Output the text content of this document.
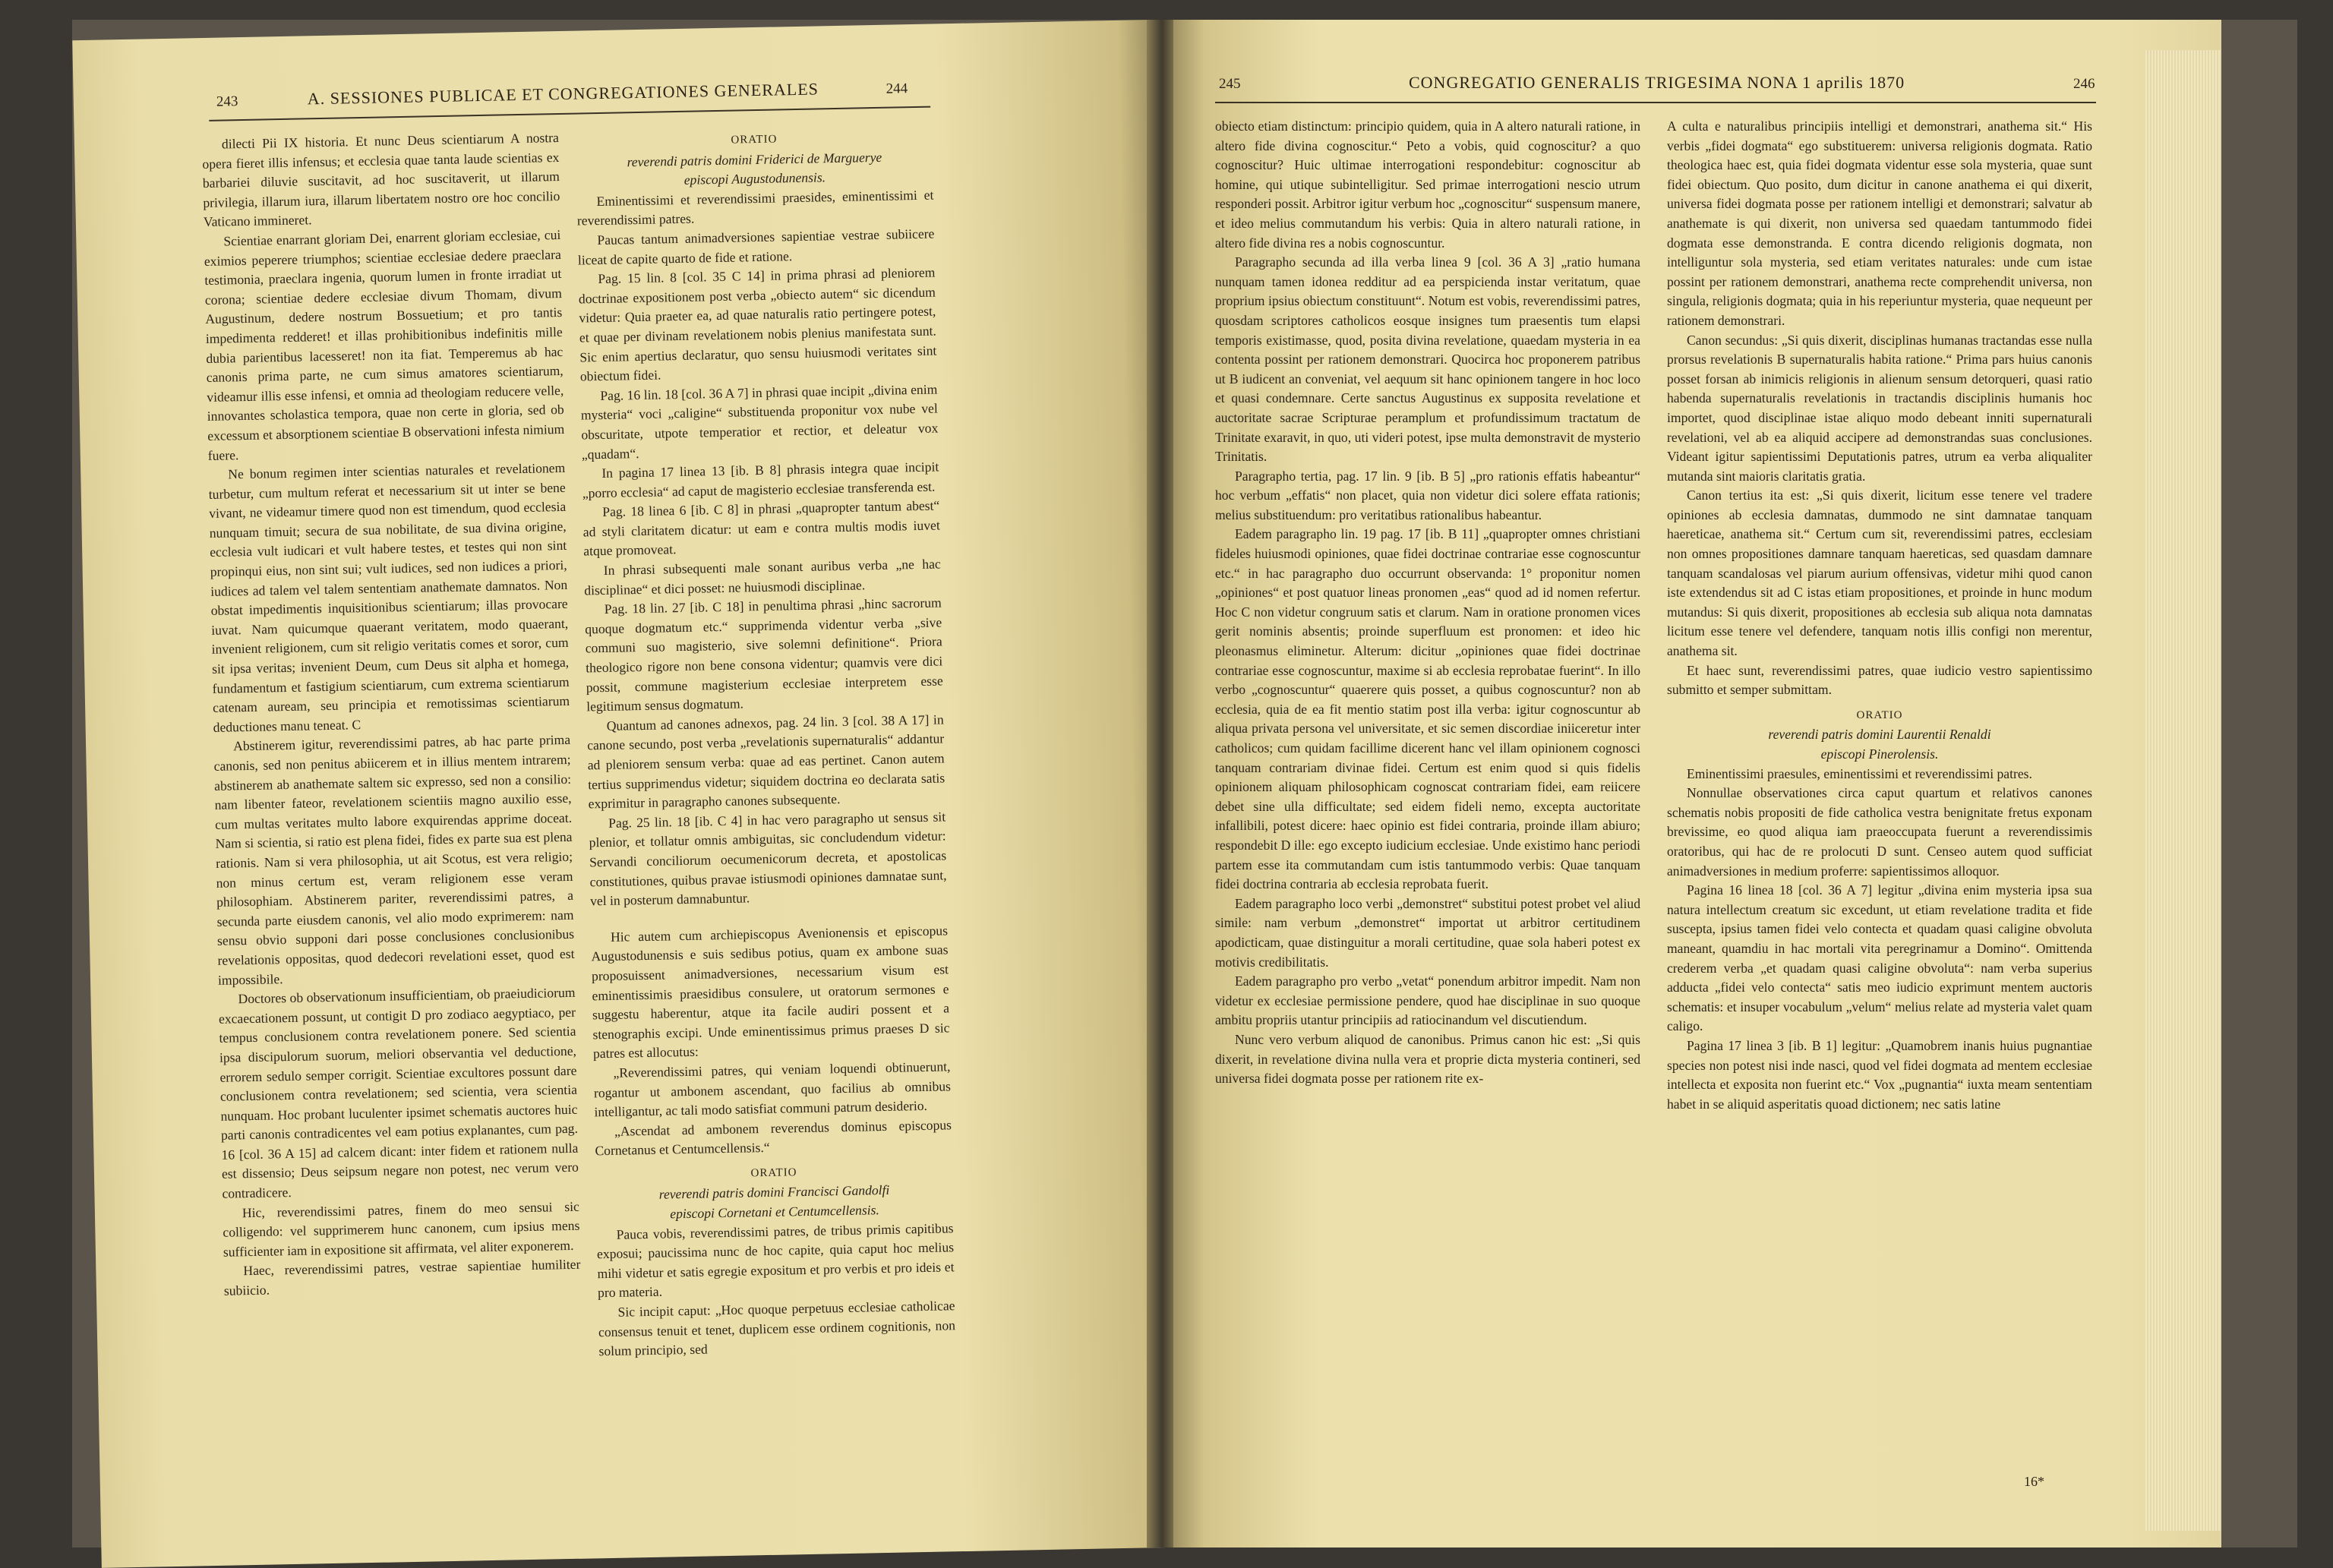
243	A. SESSIONES PUBLICAE ET CONGREGATIONES GENERALES	244

dilecti Pii IX historia. Et nunc Deus scientiarum A nostra opera fieret illis infensus; et ecclesia quae tanta laude scientias ex barbariei diluvie suscitavit, ad hoc suscitaverit, ut illarum privilegia, illarum iura, illarum libertatem nostro ore hoc concilio Vaticano immineret.

Scientiae enarrant gloriam Dei, enarrent gloriam ecclesiae, cui eximios peperere triumphos; scientiae ecclesiae dedere praeclara testimonia, praeclara ingenia, quorum lumen in fronte irradiat ut corona; scientiae dedere ecclesiae divum Thomam, divum Augustinum, dedere nostrum Bossuetium; et pro tantis impedimenta redderet! et illas prohibitionibus indefinitis mille dubia parientibus lacesseret! non ita fiat. Temperemus ab hac canonis prima parte, ne cum simus amatores scientiarum, videamur illis esse infensi, et omnia ad theologiam reducere velle, innovantes scholastica tempora, quae non certe in gloria, sed ob excessum et absorptionem scientiae B observationi infesta nimium fuere.

Ne bonum regimen inter scientias naturales et revelationem turbetur, cum multum referat et necessarium sit ut inter se bene vivant, ne videamur timere quod non est timendum, quod ecclesia nunquam timuit; secura de sua nobilitate, de sua divina origine, ecclesia vult iudicari et vult habere testes, et testes qui non sint propinqui eius, non sint sui; vult iudices, sed non iudices a priori, iudices ad talem vel talem sententiam anathemate damnatos. Non obstat impedimentis inquisitionibus scientiarum; illas provocare iuvat. Nam quicumque quaerant veritatem, modo quaerant, invenient religionem, cum sit religio veritatis comes et soror, cum sit ipsa veritas; invenient Deum, cum Deus sit alpha et homega, fundamentum et fastigium scientiarum, cum extrema scientiarum catenam auream, seu principia et remotissimas scientiarum deductiones manu teneat. C

Abstinerem igitur, reverendissimi patres, ab hac parte prima canonis, sed non penitus abiicerem et in illius mentem intrarem; abstinerem ab anathemate saltem sic expresso, sed non a consilio: nam libenter fateor, revelationem scientiis magno auxilio esse, cum multas veritates multo labore exquirendas apprime doceat. Nam si scientia, si ratio est plena fidei, fides ex parte sua est plena rationis. Nam si vera philosophia, ut ait Scotus, est vera religio; non minus certum est, veram religionem esse veram philosophiam. Abstinerem pariter, reverendissimi patres, a secunda parte eiusdem canonis, vel alio modo exprimerem: nam sensu obvio supponi dari posse conclusiones conclusionibus revelationis oppositas, quod dedecori revelationi esset, quod est impossibile.

Doctores ob observationum insufficientiam, ob praeiudiciorum excaecationem possunt, ut contigit D pro zodiaco aegyptiaco, per tempus conclusionem contra revelationem ponere. Sed scientia ipsa discipulorum suorum, meliori observantia vel deductione, errorem sedulo semper corrigit. Scientiae excultores possunt dare conclusionem contra revelationem; sed scientia, vera scientia nunquam. Hoc probant luculenter ipsimet schematis auctores huic parti canonis contradicentes vel eam potius explanantes, cum pag. 16 [col. 36 A 15] ad calcem dicant: inter fidem et rationem nulla est dissensio; Deus seipsum negare non potest, nec verum vero contradicere.

Hic, reverendissimi patres, finem do meo sensui sic colligendo: vel supprimerem hunc canonem, cum ipsius mens sufficienter iam in expositione sit affirmata, vel aliter exponerem.

Haec, reverendissimi patres, vestrae sapientiae humiliter subiicio.

ORATIO

reverendi patris domini Friderici de Marguerye

episcopi Augustodunensis.

Eminentissimi et reverendissimi praesides, eminentissimi et reverendissimi patres.

Paucas tantum animadversiones sapientiae vestrae subiicere liceat de capite quarto de fide et ratione.

Pag. 15 lin. 8 [col. 35 C 14] in prima phrasi ad pleniorem doctrinae expositionem post verba „obiecto autem“ sic dicendum videtur: Quia praeter ea, ad quae naturalis ratio pertingere potest, et quae per divinam revelationem nobis plenius manifestata sunt. Sic enim apertius declaratur, quo sensu huiusmodi veritates sint obiectum fidei.

Pag. 16 lin. 18 [col. 36 A 7] in phrasi quae incipit „divina enim mysteria“ voci „caligine“ substituenda proponitur vox nube vel obscuritate, utpote temperatior et rectior, et deleatur vox „quadam“.

In pagina 17 linea 13 [ib. B 8] phrasis integra quae incipit „porro ecclesia“ ad caput de magisterio ecclesiae transferenda est.

Pag. 18 linea 6 [ib. C 8] in phrasi „quapropter tantum abest“ ad styli claritatem dicatur: ut eam e contra multis modis iuvet atque promoveat.

In phrasi subsequenti male sonant auribus verba „ne hac disciplinae“ et dici posset: ne huiusmodi disciplinae.

Pag. 18 lin. 27 [ib. C 18] in penultima phrasi „hinc sacrorum quoque dogmatum etc.“ supprimenda videntur verba „sive communi suo magisterio, sive solemni definitione“. Priora theologico rigore non bene consona videntur; quamvis vere dici possit, commune magisterium ecclesiae interpretem esse legitimum sensus dogmatum.

Quantum ad canones adnexos, pag. 24 lin. 3 [col. 38 A 17] in canone secundo, post verba „revelationis supernaturalis“ addantur ad pleniorem sensum verba: quae ad eas pertinet. Canon autem tertius supprimendus videtur; siquidem doctrina eo declarata satis exprimitur in paragrapho canones subsequente.

Pag. 25 lin. 18 [ib. C 4] in hac vero paragrapho ut sensus sit plenior, et tollatur omnis ambiguitas, sic concludendum videtur: Servandi conciliorum oecumenicorum decreta, et apostolicas constitutiones, quibus pravae istiusmodi opiniones damnatae sunt, vel in posterum damnabuntur.

Hic autem cum archiepiscopus Avenionensis et episcopus Augustodunensis e suis sedibus potius, quam ex ambone suas proposuissent animadversiones, necessarium visum est eminentissimis praesidibus consulere, ut oratorum sermones e suggestu haberentur, atque ita facile audiri possent et a stenographis excipi. Unde eminentissimus primus praeses D sic patres est allocutus:

„Reverendissimi patres, qui veniam loquendi obtinuerunt, rogantur ut ambonem ascendant, quo facilius ab omnibus intelligantur, ac tali modo satisfiat communi patrum desiderio.

„Ascendat ad ambonem reverendus dominus episcopus Cornetanus et Centumcellensis.“

ORATIO

reverendi patris domini Francisci Gandolfi

episcopi Cornetani et Centumcellensis.

Pauca vobis, reverendissimi patres, de tribus primis capitibus exposui; paucissima nunc de hoc capite, quia caput hoc melius mihi videtur et satis egregie expositum et pro verbis et pro ideis et pro materia.

Sic incipit caput: „Hoc quoque perpetuus ecclesiae catholicae consensus tenuit et tenet, duplicem esse ordinem cognitionis, non solum principio, sed

245	CONGREGATIO GENERALIS TRIGESIMA NONA 1 aprilis 1870	246

obiecto etiam distinctum: principio quidem, quia in A altero naturali ratione, in altero fide divina cognoscitur.“ Peto a vobis, quid cognoscitur? a quo cognoscitur? Huic ultimae interrogationi respondebitur: cognoscitur ab homine, qui utique subintelligitur. Sed primae interrogationi nescio utrum responderi possit. Arbitror igitur verbum hoc „cognoscitur“ suspensum manere, et ideo melius commutandum his verbis: Quia in altero naturali ratione, in altero fide divina res a nobis cognoscuntur.

Paragrapho secunda ad illa verba linea 9 [col. 36 A 3] „ratio humana nunquam tamen idonea redditur ad ea perspicienda instar veritatum, quae proprium ipsius obiectum constituunt“. Notum est vobis, reverendissimi patres, quosdam scriptores catholicos eosque insignes tum praesentis tum elapsi temporis existimasse, quod, posita divina revelatione, quaedam mysteria in ea contenta possint per rationem demonstrari. Quocirca hoc proponerem patribus ut B iudicent an conveniat, vel aequum sit hanc opinionem tangere in hoc loco et quasi condemnare. Certe sanctus Augustinus ex supposita revelatione et auctoritate sacrae Scripturae peramplum et profundissimum tractatum de Trinitate exaravit, in quo, uti videri potest, ipse multa demonstravit de mysterio Trinitatis.

Paragrapho tertia, pag. 17 lin. 9 [ib. B 5] „pro rationis effatis habeantur“ hoc verbum „effatis“ non placet, quia non videtur dici solere effata rationis; melius substituendum: pro veritatibus rationalibus habeantur.

Eadem paragrapho lin. 19 pag. 17 [ib. B 11] „quapropter omnes christiani fideles huiusmodi opiniones, quae fidei doctrinae contrariae esse cognoscuntur etc.“ in hac paragrapho duo occurrunt observanda: 1° proponitur nomen „opiniones“ et post quatuor lineas pronomen „eas“ quod ad id nomen refertur. Hoc C non videtur congruum satis et clarum. Nam in oratione pronomen vices gerit nominis absentis; proinde superfluum est pronomen: et ideo hic pleonasmus eliminetur. Alterum: dicitur „opiniones quae fidei doctrinae contrariae esse cognoscuntur, maxime si ab ecclesia reprobatae fuerint“. In illo verbo „cognoscuntur“ quaerere quis posset, a quibus cognoscuntur? non ab ecclesia, quia de ea fit mentio statim post illa verba: igitur cognoscuntur ab aliqua privata persona vel universitate, et sic semen discordiae iniiceretur inter catholicos; cum quidam facillime dicerent hanc vel illam opinionem cognosci tanquam contrariam divinae fidei. Certum est enim quod si quis fidelis opinionem aliquam philosophicam cognoscat contrariam fidei, eam reiicere debet sine ulla difficultate; sed eidem fideli nemo, excepta auctoritate infallibili, potest dicere: haec opinio est fidei contraria, proinde illam abiuro; respondebit D ille: ego excepto iudicium ecclesiae. Unde existimo hanc periodi partem esse ita commutandam cum istis tantummodo verbis: Quae tanquam fidei doctrina contraria ab ecclesia reprobata fuerit.

Eadem paragrapho loco verbi „demonstret“ substitui potest probet vel aliud simile: nam verbum „demonstret“ importat ut arbitror certitudinem apodicticam, quae distinguitur a morali certitudine, quae sola haberi potest ex motivis credibilitatis.

Eadem paragrapho pro verbo „vetat“ ponendum arbitror impedit. Nam non videtur ex ecclesiae permissione pendere, quod hae disciplinae in suo quoque ambitu propriis utantur principiis ad ratiocinandum vel discutiendum.

Nunc vero verbum aliquod de canonibus. Primus canon hic est: „Si quis dixerit, in revelatione divina nulla vera et proprie dicta mysteria contineri, sed universa fidei dogmata posse per rationem rite ex-

A culta e naturalibus principiis intelligi et demonstrari, anathema sit.“ His verbis „fidei dogmata“ ego substituerem: universa religionis dogmata. Ratio theologica haec est, quia fidei dogmata videntur esse sola mysteria, quae sunt fidei obiectum. Quo posito, dum dicitur in canone anathema ei qui dixerit, universa fidei dogmata posse per rationem intelligi et demonstrari; salvatur ab anathemate is qui dixerit, non universa sed quaedam tantummodo fidei dogmata esse demonstranda. E contra dicendo religionis dogmata, non intelliguntur sola mysteria, sed etiam veritates naturales: unde cum istae possint per rationem demonstrari, anathema recte comprehendit universa, non singula, religionis dogmata; quia in his reperiuntur mysteria, quae nequeunt per rationem demonstrari.

Canon secundus: „Si quis dixerit, disciplinas humanas tractandas esse nulla prorsus revelationis B supernaturalis habita ratione.“ Prima pars huius canonis posset forsan ab inimicis religionis in alienum sensum detorqueri, quasi ratio habenda supernaturalis revelationis in tractandis disciplinis humanis hoc importet, quod disciplinae istae aliquo modo debeant inniti supernaturali revelationi, vel ab ea aliquid accipere ad demonstrandas suas conclusiones. Videant igitur sapientissimi Deputationis patres, utrum ea verba aliqualiter mutanda sint maioris claritatis gratia.

Canon tertius ita est: „Si quis dixerit, licitum esse tenere vel tradere opiniones ab ecclesia damnatas, dummodo ne sint damnatae tanquam haereticae, anathema sit.“ Certum cum sit, reverendissimi patres, ecclesiam non omnes propositiones damnare tanquam haereticas, sed quasdam damnare tanquam scandalosas vel piarum aurium offensivas, videtur mihi quod canon iste extendendus sit ad C istas etiam propositiones, et proinde in hunc modum mutandus: Si quis dixerit, propositiones ab ecclesia sub aliqua nota damnatas licitum esse tenere vel defendere, tanquam notis illis configi non merentur, anathema sit.

Et haec sunt, reverendissimi patres, quae iudicio vestro sapientissimo submitto et semper submittam.

ORATIO

reverendi patris domini Laurentii Renaldi

episcopi Pinerolensis.

Eminentissimi praesules, eminentissimi et reverendissimi patres.

Nonnullae observationes circa caput quartum et relativos canones schematis nobis propositi de fide catholica vestra benignitate fretus exponam brevissime, eo quod aliqua iam praeoccupata fuerunt a reverendissimis oratoribus, qui hac de re prolocuti D sunt. Censeo autem quod sufficiat animadversiones in medium proferre: sapientissimos alloquor.

Pagina 16 linea 18 [col. 36 A 7] legitur „divina enim mysteria ipsa sua natura intellectum creatum sic excedunt, ut etiam revelatione tradita et fide suscepta, ipsius tamen fidei velo contecta et quadam quasi caligine obvoluta maneant, quamdiu in hac mortali vita peregrinamur a Domino“. Omittenda crederem verba „et quadam quasi caligine obvoluta“: nam verba superius adducta „fidei velo contecta“ satis meo iudicio exprimunt mentem auctoris schematis: et insuper vocabulum „velum“ melius relate ad mysteria valet quam caligo.

Pagina 17 linea 3 [ib. B 1] legitur: „Quamobrem inanis huius pugnantiae species non potest nisi inde nasci, quod vel fidei dogmata ad mentem ecclesiae intellecta et exposita non fuerint etc.“ Vox „pugnantia“ iuxta meam sententiam habet in se aliquid asperitatis quoad dictionem; nec satis latine

16*
